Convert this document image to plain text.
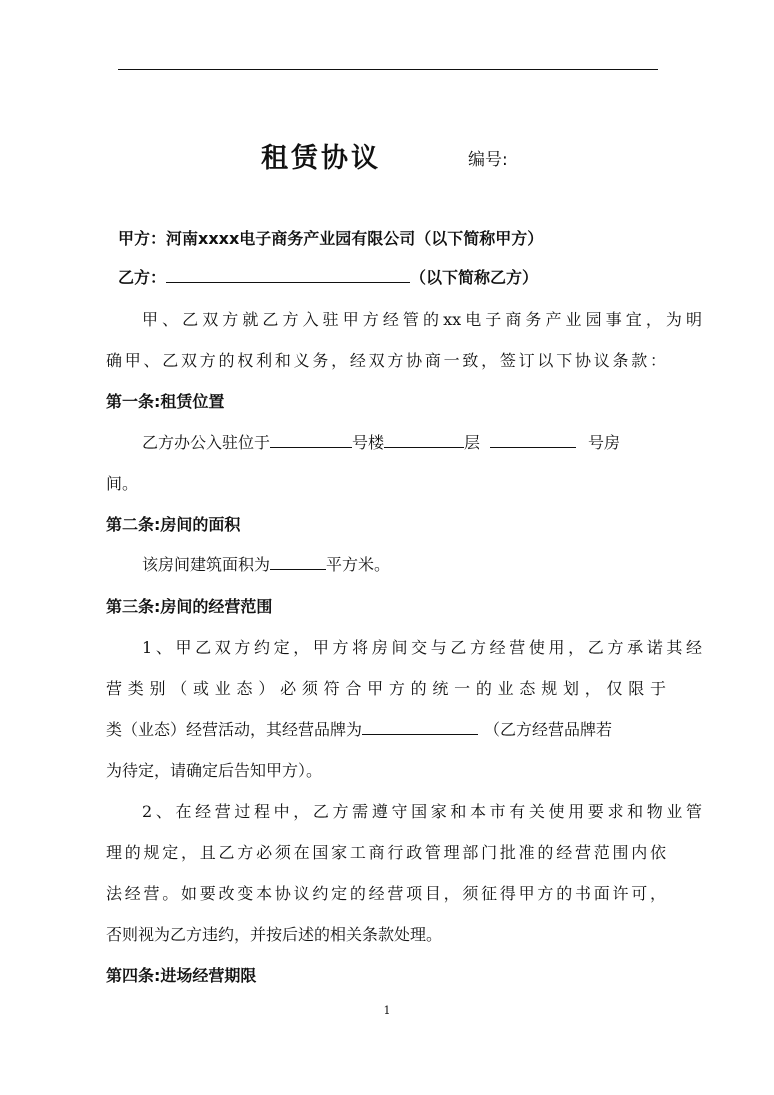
租赁协议	编号:
甲方：河南xxxx电子商务产业园有限公司（以下简称甲方）
乙方：	（以下简称乙方）
甲、乙双方就乙方入驻甲方经管的xx电子商务产业园事宜，为明
确甲、乙双方的权利和义务，经双方协商一致，签订以下协议条款：
第一条:租赁位置
乙方办公入驻位于	号楼	层	号房
间。
第二条:房间的面积
该房间建筑面积为	平方米。
第三条:房间的经营范围
1、甲乙双方约定，甲方将房间交与乙方经营使用，乙方承诺其经
营类别（或业态）必须符合甲方的统一的业态规划，仅限于
类（业态）经营活动，其经营品牌为	（乙方经营品牌若
为待定，请确定后告知甲方）。
2、在经营过程中，乙方需遵守国家和本市有关使用要求和物业管
理的规定，且乙方必须在国家工商行政管理部门批准的经营范围内依
法经营。如要改变本协议约定的经营项目，须征得甲方的书面许可，
否则视为乙方违约，并按后述的相关条款处理。
第四条:进场经营期限
1
